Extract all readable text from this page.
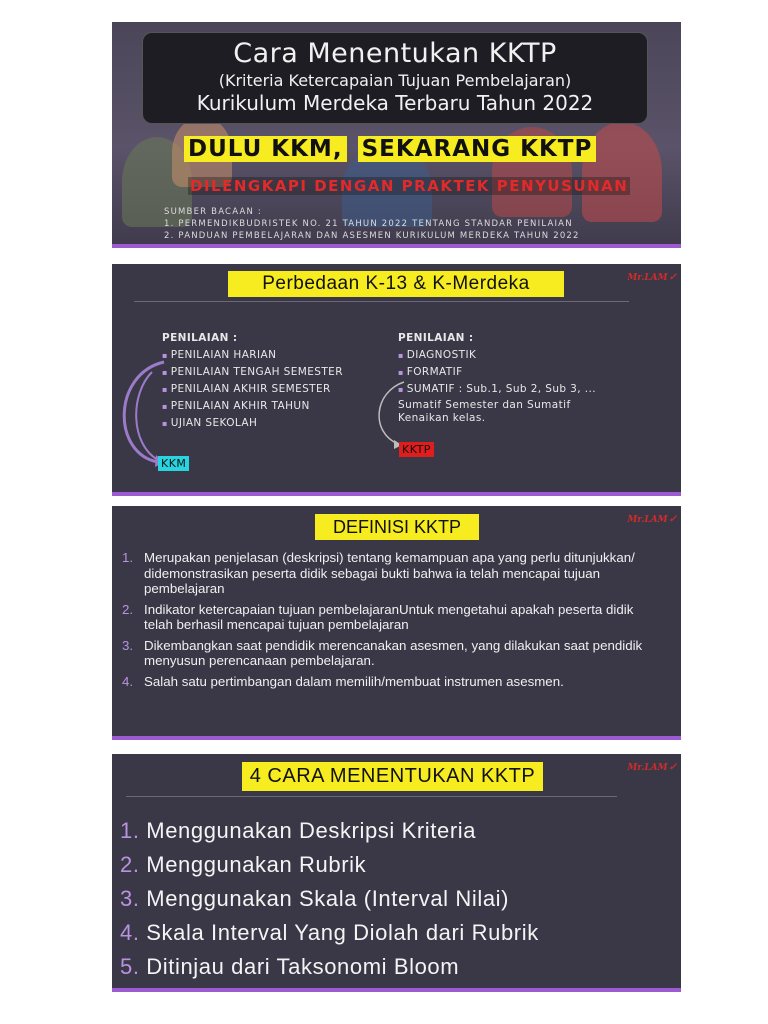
Cara Menentukan KKTP
(Kriteria Ketercapaian Tujuan Pembelajaran)
Kurikulum Merdeka Terbaru Tahun 2022
DULU KKM, SEKARANG KKTP
DILENGKAPI DENGAN PRAKTEK PENYUSUNAN
SUMBER BACAAN :
1. PERMENDIKBUDRISTEK NO. 21 TAHUN 2022 TENTANG STANDAR PENILAIAN
2. PANDUAN PEMBELAJARAN DAN ASESMEN KURIKULUM MERDEKA TAHUN 2022
Perbedaan K-13 & K-Merdeka	Mr.LAM ✓
PENILAIAN :
▪ PENILAIAN HARIAN
▪ PENILAIAN TENGAH SEMESTER
▪ PENILAIAN AKHIR SEMESTER
▪ PENILAIAN AKHIR TAHUN
▪ UJIAN SEKOLAH
PENILAIAN :
▪ DIAGNOSTIK
▪ FORMATIF
▪ SUMATIF : Sub.1, Sub 2, Sub 3, ...
Sumatif Semester dan Sumatif
Kenaikan kelas.
KKM
KKTP
DEFINISI KKTP	Mr.LAM ✓
1. Merupakan penjelasan (deskripsi) tentang kemampuan apa yang perlu ditunjukkan/ didemonstrasikan peserta didik sebagai bukti bahwa ia telah mencapai tujuan pembelajaran
2. Indikator ketercapaian tujuan pembelajaranUntuk mengetahui apakah peserta didik telah berhasil mencapai tujuan pembelajaran
3. Dikembangkan saat pendidik merencanakan asesmen, yang dilakukan saat pendidik menyusun perencanaan pembelajaran.
4. Salah satu pertimbangan dalam memilih/membuat instrumen asesmen.
4 CARA MENENTUKAN KKTP	Mr.LAM ✓
1. Menggunakan Deskripsi Kriteria
2. Menggunakan Rubrik
3. Menggunakan Skala (Interval Nilai)
4. Skala Interval Yang Diolah dari Rubrik
5. Ditinjau dari Taksonomi Bloom
